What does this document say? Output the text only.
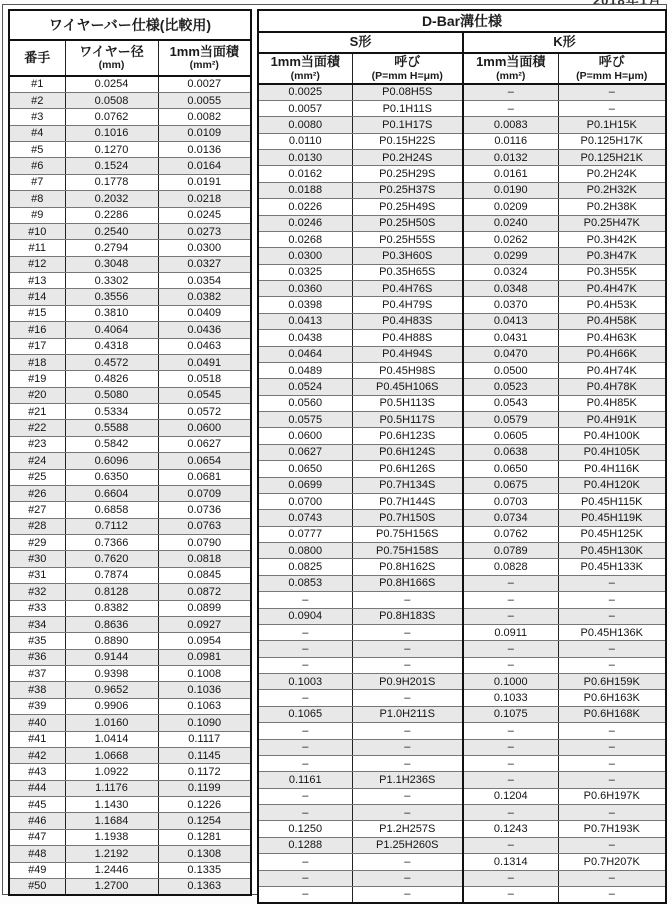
ワイヤーバー仕様(比較用)		
番手	ワイヤー径
(mm)

1mm当面積
(mm²)

#1	0.0254	0.0027
#2	0.0508	0.0055
#3	0.0762	0.0082
#4	0.1016	0.0109
#5	0.1270	0.0136
#6	0.1524	0.0164
#7	0.1778	0.0191
#8	0.2032	0.0218
#9	0.2286	0.0245
#10	0.2540	0.0273
#11	0.2794	0.0300
#12	0.3048	0.0327
#13	0.3302	0.0354
#14	0.3556	0.0382
#15	0.3810	0.0409
#16	0.4064	0.0436
#17	0.4318	0.0463
#18	0.4572	0.0491
#19	0.4826	0.0518
#20	0.5080	0.0545
#21	0.5334	0.0572
#22	0.5588	0.0600
#23	0.5842	0.0627
#24	0.6096	0.0654
#25	0.6350	0.0681
#26	0.6604	0.0709
#27	0.6858	0.0736
#28	0.7112	0.0763
#29	0.7366	0.0790
#30	0.7620	0.0818
#31	0.7874	0.0845
#32	0.8128	0.0872
#33	0.8382	0.0899
#34	0.8636	0.0927
#35	0.8890	0.0954
#36	0.9144	0.0981
#37	0.9398	0.1008
#38	0.9652	0.1036
#39	0.9906	0.1063
#40	1.0160	0.1090
#41	1.0414	0.1117
#42	1.0668	0.1145
#43	1.0922	0.1172
#44	1.1176	0.1199
#45	1.1430	0.1226
#46	1.1684	0.1254
#47	1.1938	0.1281
#48	1.2192	0.1308
#49	1.2446	0.1335
#50	1.2700	0.1363
D-Bar溝仕様			
S形		K形	

1mm当面積
(mm²)

呼び
(P=mm H=μm)

1mm当面積
(mm²)

呼び
(P=mm H=μm)

0.0025	P0.08H5S	–	–
0.0057	P0.1H11S	–	–
0.0080	P0.1H17S	0.0083	P0.1H15K
0.0110	P0.15H22S	0.0116	P0.125H17K
0.0130	P0.2H24S	0.0132	P0.125H21K
0.0162	P0.25H29S	0.0161	P0.2H24K
0.0188	P0.25H37S	0.0190	P0.2H32K
0.0226	P0.25H49S	0.0209	P0.2H38K
0.0246	P0.25H50S	0.0240	P0.25H47K
0.0268	P0.25H55S	0.0262	P0.3H42K
0.0300	P0.3H60S	0.0299	P0.3H47K
0.0325	P0.35H65S	0.0324	P0.3H55K
0.0360	P0.4H76S	0.0348	P0.4H47K
0.0398	P0.4H79S	0.0370	P0.4H53K
0.0413	P0.4H83S	0.0413	P0.4H58K
0.0438	P0.4H88S	0.0431	P0.4H63K
0.0464	P0.4H94S	0.0470	P0.4H66K
0.0489	P0.45H98S	0.0500	P0.4H74K
0.0524	P0.45H106S	0.0523	P0.4H78K
0.0560	P0.5H113S	0.0543	P0.4H85K
0.0575	P0.5H117S	0.0579	P0.4H91K
0.0600	P0.6H123S	0.0605	P0.4H100K
0.0627	P0.6H124S	0.0638	P0.4H105K
0.0650	P0.6H126S	0.0650	P0.4H116K
0.0699	P0.7H134S	0.0675	P0.4H120K
0.0700	P0.7H144S	0.0703	P0.45H115K
0.0743	P0.7H150S	0.0734	P0.45H119K
0.0777	P0.75H156S	0.0762	P0.45H125K
0.0800	P0.75H158S	0.0789	P0.45H130K
0.0825	P0.8H162S	0.0828	P0.45H133K
0.0853	P0.8H166S	–	–
–	–	–	–
0.0904	P0.8H183S	–	–
–	–	0.0911	P0.45H136K
–	–	–	–
–	–	–	–
0.1003	P0.9H201S	0.1000	P0.6H159K
–	–	0.1033	P0.6H163K
0.1065	P1.0H211S	0.1075	P0.6H168K
–	–	–	–
–	–	–	–
–	–	–	–
0.1161	P1.1H236S	–	–
–	–	0.1204	P0.6H197K
–	–	–	–
0.1250	P1.2H257S	0.1243	P0.7H193K
0.1288	P1.25H260S	–	–
–	–	0.1314	P0.7H207K
–	–	–	–
–	–	–	–
